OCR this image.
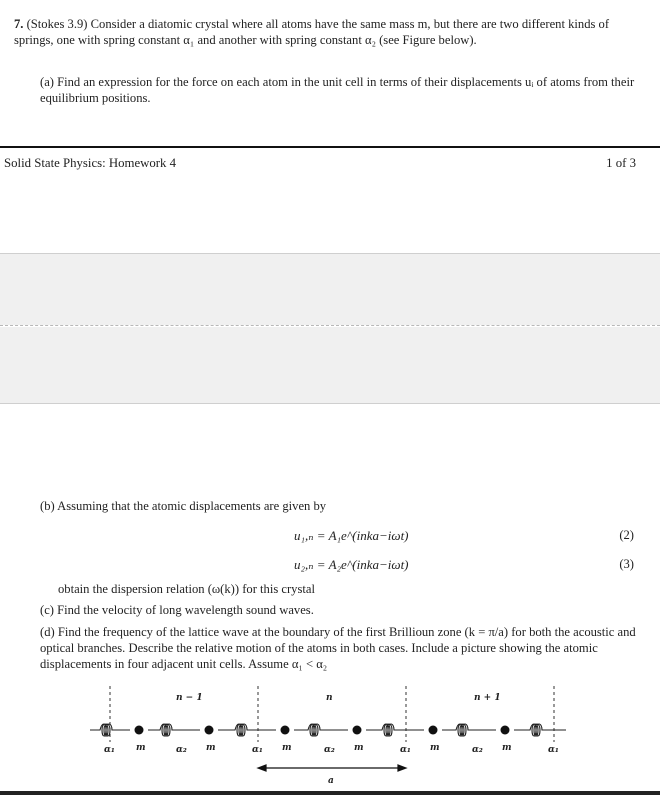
7. (Stokes 3.9) Consider a diatomic crystal where all atoms have the same mass m, but there are two different kinds of springs, one with spring constant α₁ and another with spring constant α₂ (see Figure below).
(a) Find an expression for the force on each atom in the unit cell in terms of their displacements uᵢ of atoms from their equilibrium positions.
Solid State Physics: Homework 4	1 of 3
(b) Assuming that the atomic displacements are given by
u₁,ₙ = A₁e^(inka−iωt)	(2)
u₂,ₙ = A₂e^(inka−iωt)	(3)
obtain the dispersion relation (ω(k)) for this crystal
(c) Find the velocity of long wavelength sound waves.
(d) Find the frequency of the lattice wave at the boundary of the first Brillioun zone (k = π/a) for both the acoustic and optical branches. Describe the relative motion of the atoms in both cases. Include a picture showing the atomic displacements in four adjacent unit cells. Assume α₁ < α₂
n − 1	n	n + 1
α₁ m	α₂ m	α₁ m	α₂ m	α₁ m	α₂ m	α₁
a
